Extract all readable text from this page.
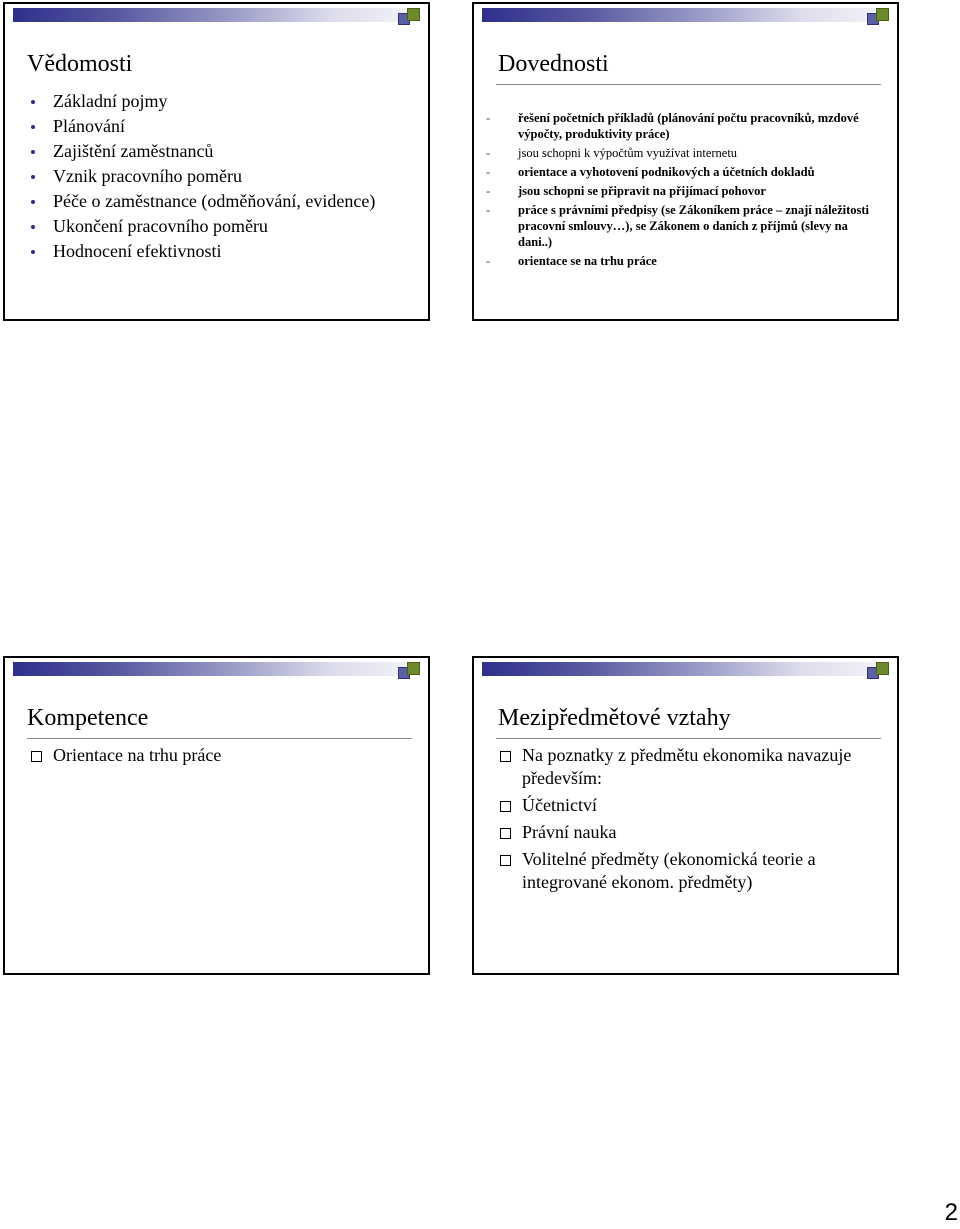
Vědomosti
Základní pojmy
Plánování
Zajištění zaměstnanců
Vznik pracovního poměru
Péče o zaměstnance (odměňování, evidence)
Ukončení pracovního poměru
Hodnocení efektivnosti
Dovednosti
- řešení početních příkladů (plánování počtu pracovníků, mzdové výpočty, produktivity práce)
- jsou schopni k výpočtům využívat internetu
- orientace a vyhotovení podnikových a účetních dokladů
- jsou schopni se připravit na přijímací pohovor
- práce s právními předpisy (se Zákoníkem práce – znají náležitosti pracovní smlouvy…), se Zákonem o daních z příjmů (slevy na dani..)
- orientace se na trhu práce
Kompetence
Orientace na trhu práce
Mezipředmětové vztahy
Na poznatky z předmětu ekonomika navazuje především:
Účetnictví
Právní nauka
Volitelné předměty (ekonomická teorie a integrované ekonom. předměty)
2
